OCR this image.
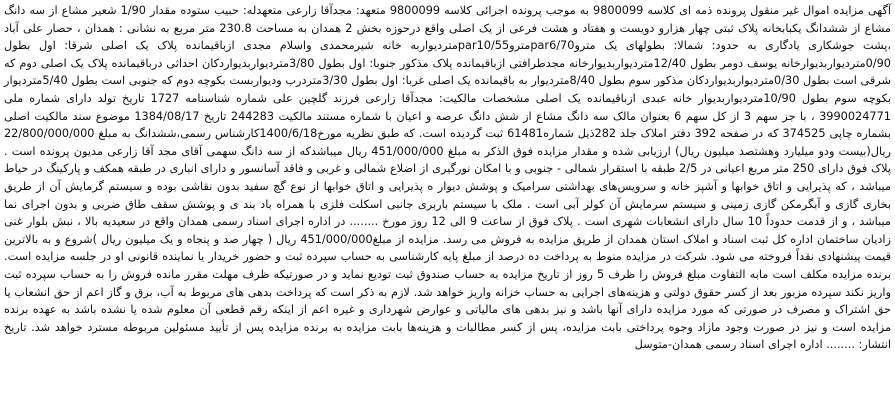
آگهی مزایده اموال غیر منقول پرونده ذمه ای کلاسه 9800099 به موجب پرونده اجرائی کلاسه 9800099 متعهد: مجدآقا زارعی متعهدله: حبیب ستوده مقدار 1/90 شعیر مشاع از سه دانگ مشاع از ششدانگ یکبابخانه پلاک ثبتی چهار هزارو دویست و هفتاد و هشت فرعی از یک اصلی واقع درحوزه بخش 2 همدان به مساحت 230.8 متر مربع به نشانی : همدان ، حصار علی آباد ،پشت جوشکاری یادگاری به حدود: شمالا: بطولهای یک متروpar6/70متروpar10/55متردیواربه خانه شیرمحمدی واسلام مجدی ازباقیمانده پلاک یک اصلی شرقا: اول بطول 0/90متردیواربدیوارخانه یوسف دومر بطول 12/40متردیواربدیوارخانه مجدطرافتی ازباقیمانده پلاک مذکور جنوبا: اول بطول 3/80متردیواربدیواردکان احداثی درباقیمانده پلاک یک اصلی دوم که شرقی است بطول 0/30متردیواربدیواردکان مذکور سوم بطول 8/40متردیوار به باقیمانده یک اصلی غربا: اول بطول 3/30متردرب ودیواربست بکوچه دوم که جنوبی است بطول 5/40متردیوار بکوچه سوم بطول 10/90متردیواربدیوار خانه عبدی ازباقیمانده یک اصلی مشخصات مالکیت: مجدآقا زارعی فرزند گلچین علی شماره شناسنامه 1727 تاریخ تولد دارای شماره ملی 3990024771 ، با جز سهم 3 از کل سهم 6 بعنوان مالک سه دانگ مشاع از شش دانگ عرصه و اعیان با شماره مستند مالکیت 244283 تاریخ 1384/08/17 موضوع سند مالکیت اصلی بشماره چاپی 374525 که در صفحه 392 دفتر املاک جلد 282ذیل شماره61481 ثبت گردیده است. که طبق نظریه مورخ1400/6/18کارشناس رسمی،ششدانگ به مبلغ 22/800/000/000 ریال(بیست ودو میلیارد وهشتصد میلیون ریال) ارزیابی شده و مقدار مزایده فوق الذکر به مبلغ 451/000/000 ریال میباشدکه از سه دانگ سهمی آقای مجد آقا زارعی مدیون پرونده است . پلاک فوق دارای 250 متر مربع اعیانی در 2/5 طبقه با استقرار شمالی - جنوبی و با امکان نورگیری از اضلاع شمالی و غربی و فاقد آسانسور و دارای انباری در طبقه همکف و پارکینگ در حیاط میباشد ، که پذیرایی و اتاق خوابها و آشپز خانه و سرویس‌های بهداشتی سرامیک و پوشش دیوار ه پذیرایی و اتاق خوابها از نوع گچ سفید بدون نقاشی بوده و سیستم گرمایش آن از طریق بخاری گازی و آبگرمکن گازی زمینی و سیستم سرمایش آن کولر آبی است . ملک با سیستم باربری جانبی اسکلت فلزی با همراه باد بند ی و پوشش سقف طاق ضربی و بدون اجرای نما میباشد ، و از قدمت حدوداً 10 سال دارای انشعابات شهری است . پلاک فوق از ساعت 9 الی 12 روز مورخ ........ در اداره اجرای اسناد رسمی همدان واقع در سعیدیه بالا ، نبش بلوار غنی زادیان ساختمان اداره کل ثبت اسناد و املاک استان همدان از طریق مزایده به فروش می رسد. مزایده از مبلغ451/000/000 ریال ( چهار صد و پنجاه و یک میلیون ریال )شروع و به بالاترین قیمت پیشنهادی نقداً فروخته می شود. شرکت در مزایده منوط به پرداخت ده درصد از مبلغ پایه کارشناسی به حساب سپرده ثبت و حضور خریدار یا نماینده قانونی او در جلسه مزایده است. برنده مزایده مکلف است مابه التفاوت مبلغ فروش را ظرف 5 روز از تاریخ مزایده به حساب صندوق ثبت تودیع نماید و در صورتیکه ظرف مهلت مقرر مانده فروش را به حساب سپرده ثبت واریز نکند سپرده مزبور بعد از کسر حقوق دولتی و هزینه‌های اجرایی به حساب خزانه واریز خواهد شد. لازم به ذکر است که پرداخت بدهی های مربوط به آب، برق و گاز اعم از حق انشعاب یا حق اشتراک و مصرف در صورتی که مورد مزایده دارای آنها باشد و نیز بدهی های مالیاتی و عوارض شهرداری و غیره اعم از اینکه رقم قطعی آن معلوم شده یا نشده باشد به عهده برنده مزایده است و نیز در صورت وجود مازاد وجوه پرداختی بابت مزایده، پس از کسر مطالبات و هزینه‌ها بابت مزایده به برنده مزایده پس از تأیید مسئولین مربوطه مسترد خواهد شد. تاریخ انتشار: ........ اداره اجرای اسناد رسمی همدان-متوسل
